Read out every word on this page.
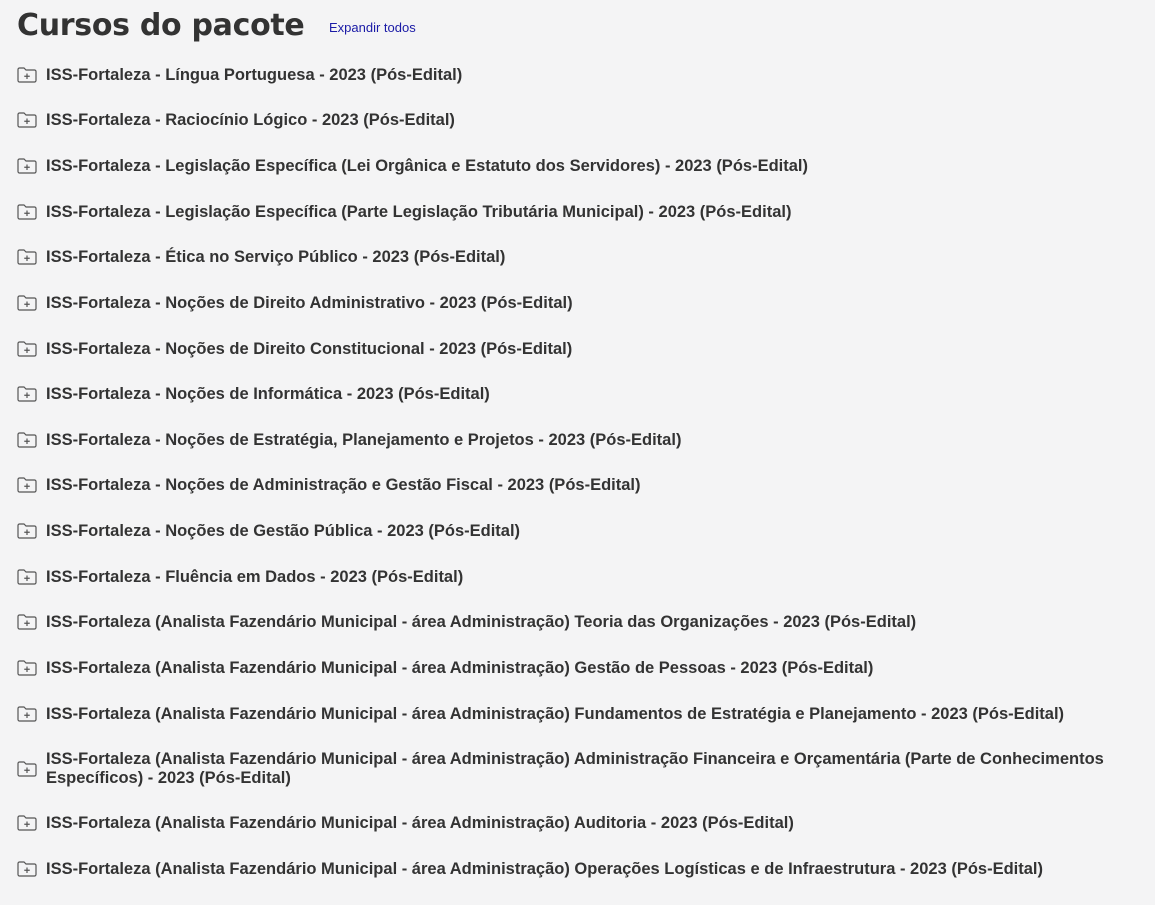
Cursos do pacote Expandir todos
ISS-Fortaleza - Língua Portuguesa - 2023 (Pós-Edital)
ISS-Fortaleza - Raciocínio Lógico - 2023 (Pós-Edital)
ISS-Fortaleza - Legislação Específica (Lei Orgânica e Estatuto dos Servidores) - 2023 (Pós-Edital)
ISS-Fortaleza - Legislação Específica (Parte Legislação Tributária Municipal) - 2023 (Pós-Edital)
ISS-Fortaleza - Ética no Serviço Público - 2023 (Pós-Edital)
ISS-Fortaleza - Noções de Direito Administrativo - 2023 (Pós-Edital)
ISS-Fortaleza - Noções de Direito Constitucional - 2023 (Pós-Edital)
ISS-Fortaleza - Noções de Informática - 2023 (Pós-Edital)
ISS-Fortaleza - Noções de Estratégia, Planejamento e Projetos - 2023 (Pós-Edital)
ISS-Fortaleza - Noções de Administração e Gestão Fiscal - 2023 (Pós-Edital)
ISS-Fortaleza - Noções de Gestão Pública - 2023 (Pós-Edital)
ISS-Fortaleza - Fluência em Dados - 2023 (Pós-Edital)
ISS-Fortaleza (Analista Fazendário Municipal - área Administração) Teoria das Organizações - 2023 (Pós-Edital)
ISS-Fortaleza (Analista Fazendário Municipal - área Administração) Gestão de Pessoas - 2023 (Pós-Edital)
ISS-Fortaleza (Analista Fazendário Municipal - área Administração) Fundamentos de Estratégia e Planejamento - 2023 (Pós-Edital)
ISS-Fortaleza (Analista Fazendário Municipal - área Administração) Administração Financeira e Orçamentária (Parte de Conhecimentos Específicos) - 2023 (Pós-Edital)
ISS-Fortaleza (Analista Fazendário Municipal - área Administração) Auditoria - 2023 (Pós-Edital)
ISS-Fortaleza (Analista Fazendário Municipal - área Administração) Operações Logísticas e de Infraestrutura - 2023 (Pós-Edital)
